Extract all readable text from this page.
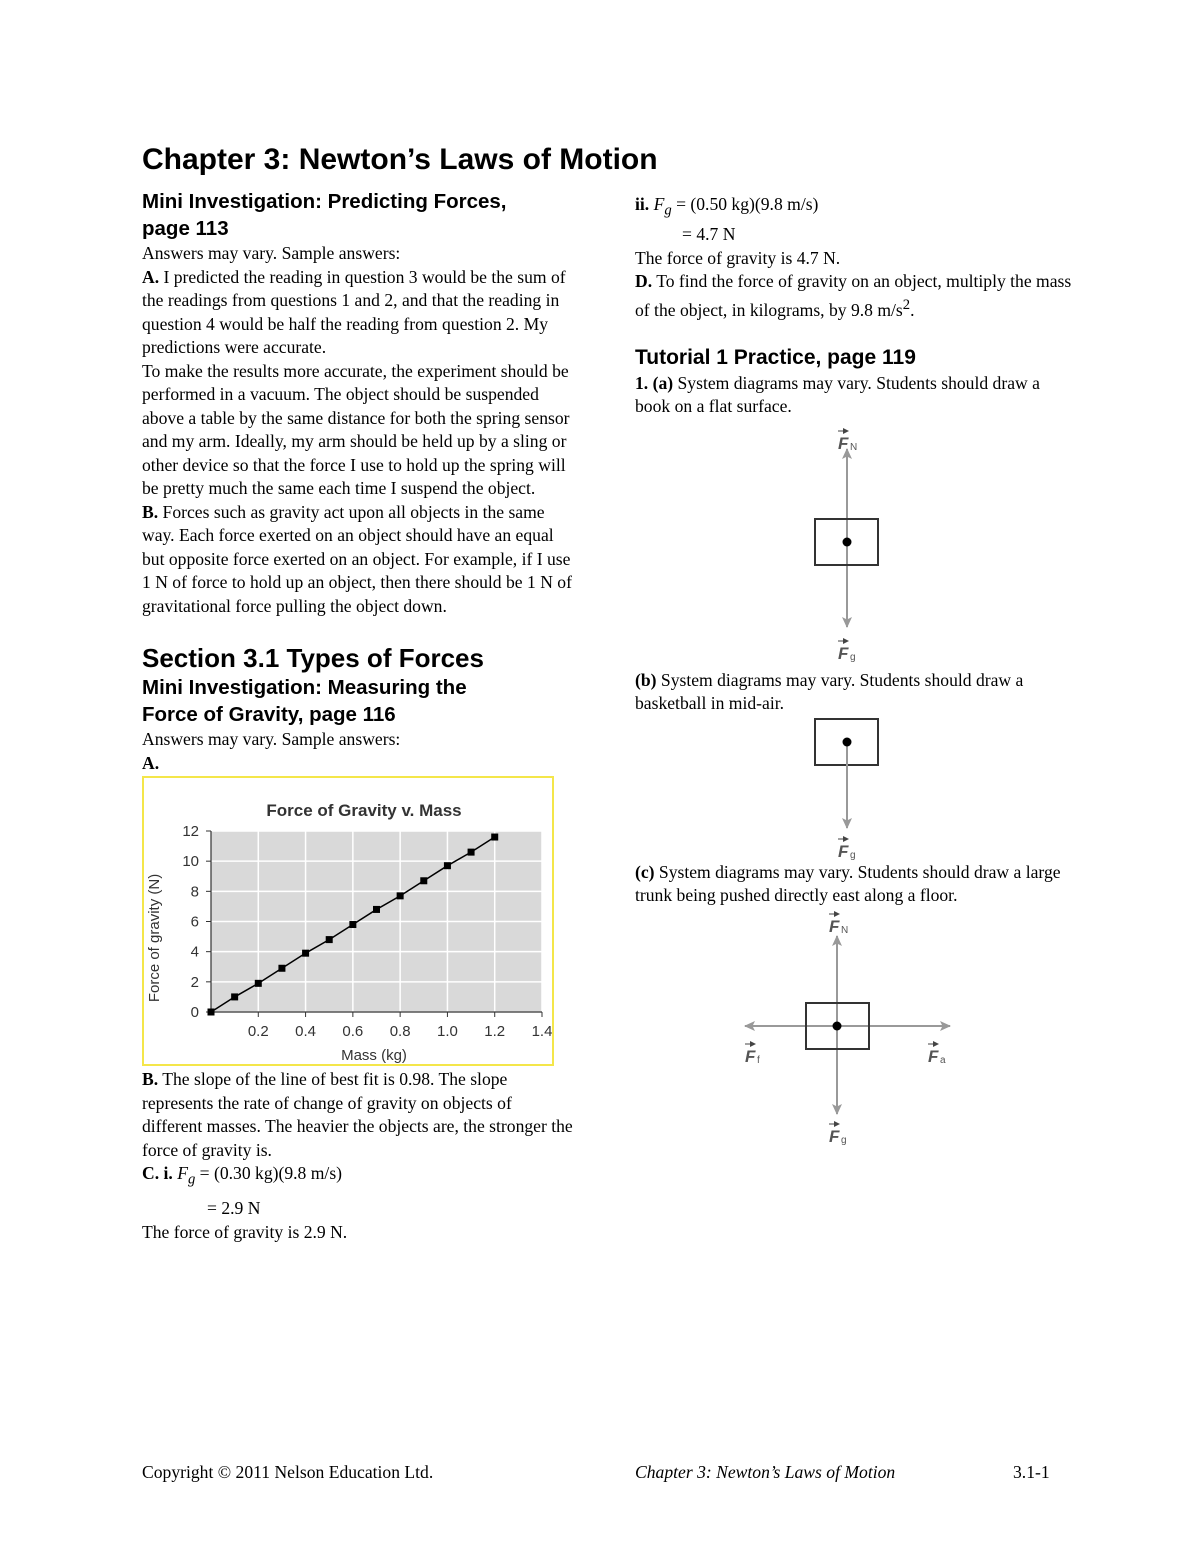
Chapter 3: Newton’s Laws of Motion
Mini Investigation: Predicting Forces,
page 113

Answers may vary. Sample answers:

A. I predicted the reading in question 3 would be the sum of the readings from questions 1 and 2, and that the reading in question 4 would be half the reading from question 2. My predictions were accurate.

To make the results more accurate, the experiment should be performed in a vacuum. The object should be suspended above a table by the same distance for both the spring sensor and my arm. Ideally, my arm should be held up by a sling or other device so that the force I use to hold up the spring will be pretty much the same each time I suspend the object.

B. Forces such as gravity act upon all objects in the same way. Each force exerted on an object should have an equal but opposite force exerted on an object. For example, if I use 1 N of force to hold up an object, then there should be 1 N of gravitational force pulling the object down.

Section 3.1 Types of Forces
Mini Investigation: Measuring the
Force of Gravity, page 116

Answers may vary. Sample answers:

A.

0.2 0.4 0.6 0.8 1.0 1.2 1.4
0
2
4
6
8
10
12
Force of Gravity v. Mass
Mass (kg)
Force of gravity (N)

B. The slope of the line of best fit is 0.98. The slope represents the rate of change of gravity on objects of different masses. The heavier the objects are, the stronger the force of gravity is.

C. i. $F_g = (0.30$ kg)(9.8 m/s)

= 2.9 N

The force of gravity is 2.9 N.

ii. $F_g = (0.50$ kg)(9.8 m/s)

= 4.7 N

The force of gravity is 4.7 N.

D. To find the force of gravity on an object, multiply the mass of the object, in kilograms, by 9.8 $m/s^2$.

Tutorial 1 Practice, page 119

1. (a) System diagrams may vary. Students should draw a book on a flat surface.

F N
F g

(b) System diagrams may vary. Students should draw a basketball in mid-air.

F g

(c) System diagrams may vary. Students should draw a large trunk being pushed directly east along a floor.

F N
F f	F a
F g
Copyright © 2011 Nelson Education Ltd.	Chapter 3: Newton’s Laws of Motion	3.1-1
